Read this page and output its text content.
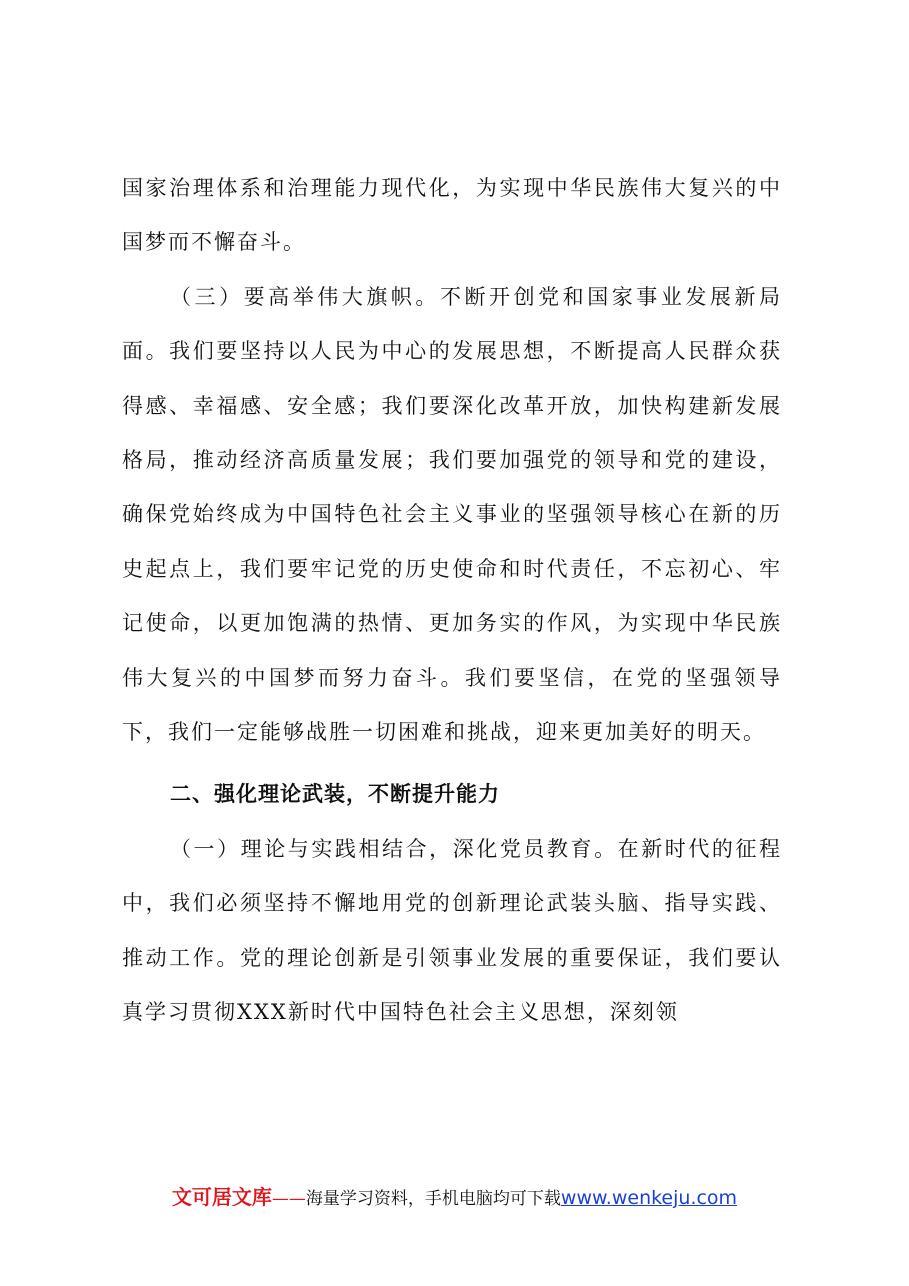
国家治理体系和治理能力现代化，为实现中华民族伟大复兴的中国梦而不懈奋斗。

（三）要高举伟大旗帜。不断开创党和国家事业发展新局面。我们要坚持以人民为中心的发展思想，不断提高人民群众获得感、幸福感、安全感；我们要深化改革开放，加快构建新发展格局，推动经济高质量发展；我们要加强党的领导和党的建设，确保党始终成为中国特色社会主义事业的坚强领导核心在新的历史起点上，我们要牢记党的历史使命和时代责任，不忘初心、牢记使命，以更加饱满的热情、更加务实的作风，为实现中华民族伟大复兴的中国梦而努力奋斗。我们要坚信，在党的坚强领导下，我们一定能够战胜一切困难和挑战，迎来更加美好的明天。

二、强化理论武装，不断提升能力

（一）理论与实践相结合，深化党员教育。在新时代的征程中，我们必须坚持不懈地用党的创新理论武装头脑、指导实践、推动工作。党的理论创新是引领事业发展的重要保证，我们要认真学习贯彻XXX新时代中国特色社会主义思想，深刻领

文可居文库——海量学习资料，手机电脑均可下载www.wenkeju.com
